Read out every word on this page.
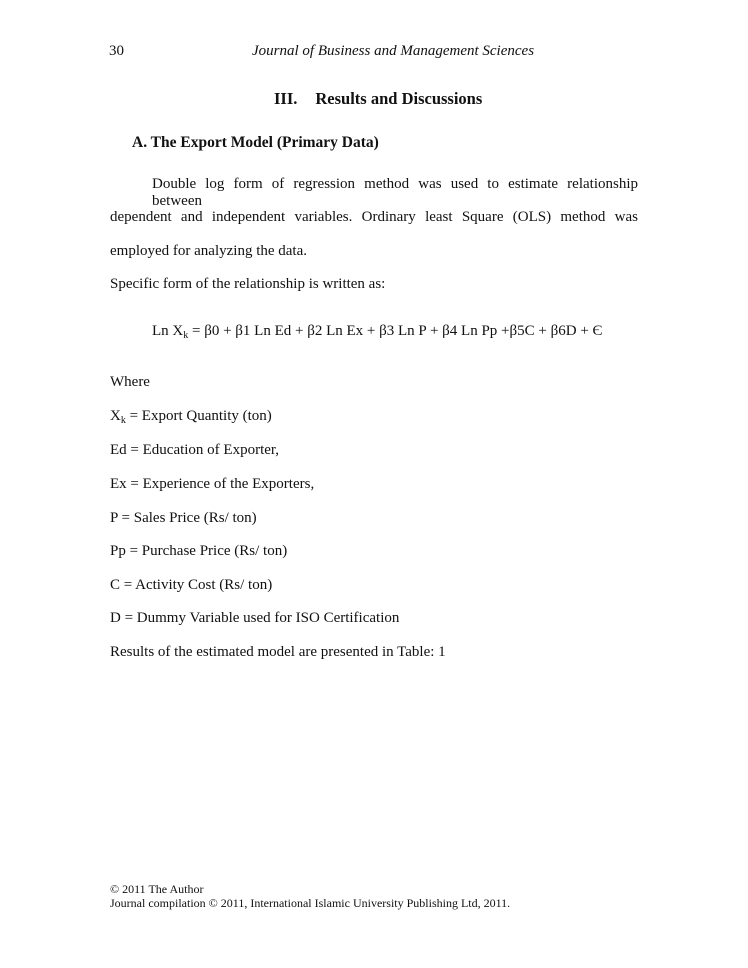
30	Journal of Business and Management Sciences
III. Results and Discussions
A. The Export Model (Primary Data)
Double log form of regression method was used to estimate relationship between
dependent and independent variables. Ordinary least Square (OLS) method was
employed for analyzing the data.
Specific form of the relationship is written as:
Ln $X_k = \beta 0 + \beta 1$ Ln Ed + β2 Ln Ex + β3 Ln P + β4 Ln Pp +β5C + β6D + Є
Where
$X_k$ = Export Quantity (ton)
Ed = Education of Exporter,
Ex = Experience of the Exporters,
P = Sales Price (Rs/ ton)
Pp = Purchase Price (Rs/ ton)
C = Activity Cost (Rs/ ton)
D = Dummy Variable used for ISO Certification
Results of the estimated model are presented in Table: 1
© 2011 The Author
Journal compilation © 2011, International Islamic University Publishing Ltd, 2011.
